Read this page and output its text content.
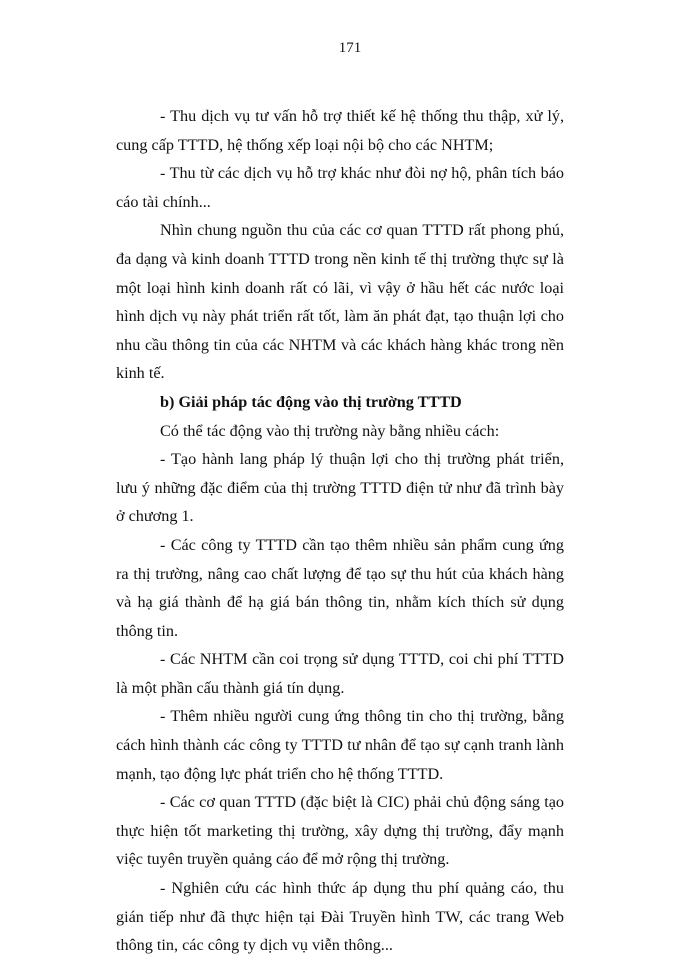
171

- Thu dịch vụ tư vấn hỗ trợ thiết kế hệ thống thu thập, xử lý, cung cấp TTTD, hệ thống xếp loại nội bộ cho các NHTM;

- Thu từ các dịch vụ hỗ trợ khác như đòi nợ hộ, phân tích báo cáo tài chính...

Nhìn chung nguồn thu của các cơ quan TTTD rất phong phú, đa dạng và kinh doanh TTTD trong nền kinh tế thị trường thực sự là một loại hình kinh doanh rất có lãi, vì vậy ở hầu hết các nước loại hình dịch vụ này phát triển rất tốt, làm ăn phát đạt, tạo thuận lợi cho nhu cầu thông tin của các NHTM và các khách hàng khác trong nền kinh tế.

b) Giải pháp tác động vào thị trường TTTD

Có thể tác động vào thị trường này bằng nhiều cách:

- Tạo hành lang pháp lý thuận lợi cho thị trường phát triển, lưu ý những đặc điểm của thị trường TTTD điện tử như đã trình bày ở chương 1.

- Các công ty TTTD cần tạo thêm nhiều sản phẩm cung ứng ra thị trường, nâng cao chất lượng để tạo sự thu hút của khách hàng và hạ giá thành để hạ giá bán thông tin, nhằm kích thích sử dụng thông tin.

- Các NHTM cần coi trọng sử dụng TTTD, coi chi phí TTTD là một phần cấu thành giá tín dụng.

- Thêm nhiều người cung ứng thông tin cho thị trường, bằng cách hình thành các công ty TTTD tư nhân để tạo sự cạnh tranh lành mạnh, tạo động lực phát triển cho hệ thống TTTD.

- Các cơ quan TTTD (đặc biệt là CIC) phải chủ động sáng tạo thực hiện tốt marketing thị trường, xây dựng thị trường, đẩy mạnh việc tuyên truyền quảng cáo để mở rộng thị trường.

- Nghiên cứu các hình thức áp dụng thu phí quảng cáo, thu gián tiếp như đã thực hiện tại Đài Truyền hình TW, các trang Web thông tin, các công ty dịch vụ viễn thông...
